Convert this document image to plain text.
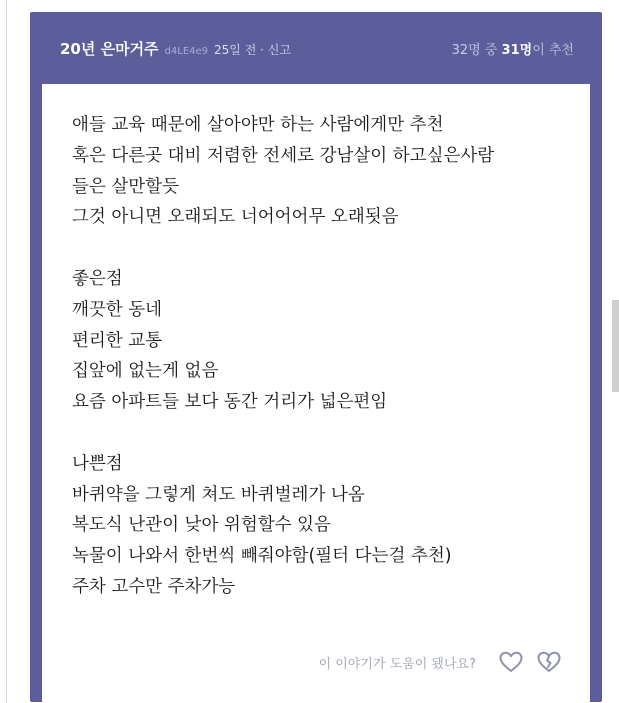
20년 은마거주 d4LE4e9 25일 전 · 신고	32명 중 31명이 추천
애들 교육 때문에 살아야만 하는 사람에게만 추천
혹은 다른곳 대비 저렴한 전세로 강남살이 하고싶은사람
들은 살만할듯
그것 아니면 오래되도 너어어어무 오래됫음
좋은점
깨끗한 동네
편리한 교통
집앞에 없는게 없음
요즘 아파트들 보다 동간 거리가 넓은편임
나쁜점
바퀴약을 그렇게 쳐도 바퀴벌레가 나옴
복도식 난관이 낮아 위험할수 있음
녹물이 나와서 한번씩 빼줘야함(필터 다는걸 추천)
주차 고수만 주차가능
이 이야기가 도움이 됐나요?
